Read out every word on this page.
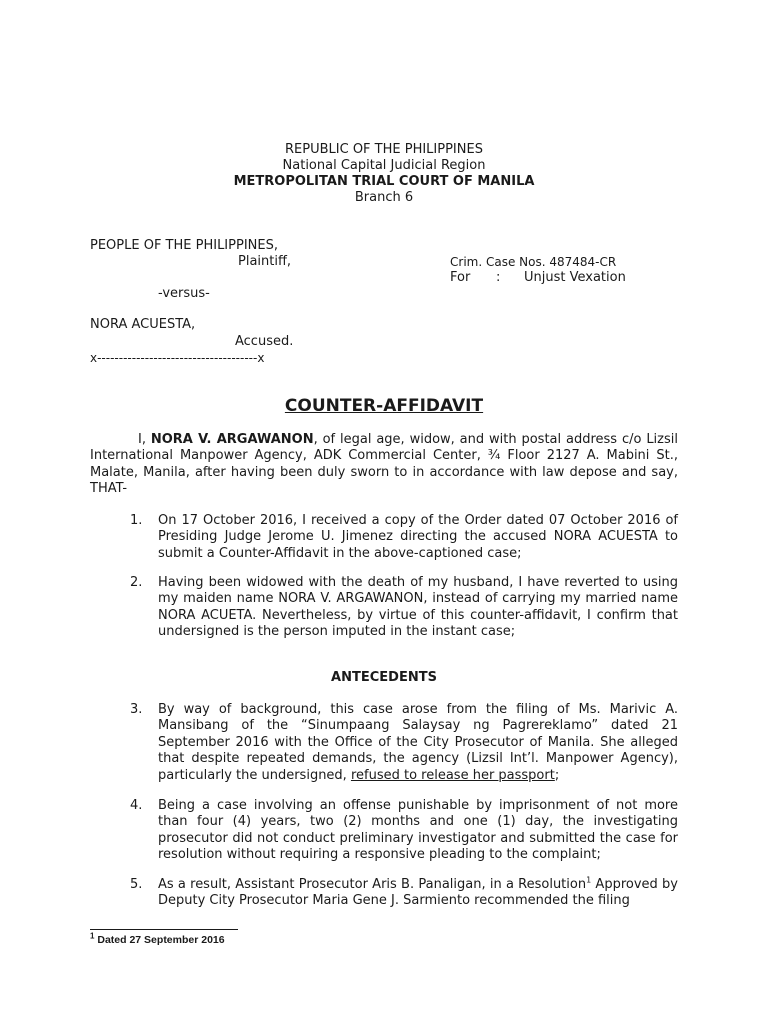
REPUBLIC OF THE PHILIPPINES
National Capital Judicial Region
METROPOLITAN TRIAL COURT OF MANILA
Branch 6
PEOPLE OF THE PHILIPPINES,
Plaintiff,	Crim. Case Nos. 487484-CR
For : Unjust Vexation
-versus-
NORA ACUESTA,
Accused.
x-------------------------------------x
COUNTER-AFFIDAVIT
I, NORA V. ARGAWANON, of legal age, widow, and with postal address c/o Lizsil International Manpower Agency, ADK Commercial Center, ¾ Floor 2127 A. Mabini St., Malate, Manila, after having been duly sworn to in accordance with law depose and say, THAT-
1.	On 17 October 2016, I received a copy of the Order dated 07 October 2016 of Presiding Judge Jerome U. Jimenez directing the accused NORA ACUESTA to submit a Counter-Affidavit in the above-captioned case;
2.	Having been widowed with the death of my husband, I have reverted to using my maiden name NORA V. ARGAWANON, instead of carrying my married name NORA ACUETA. Nevertheless, by virtue of this counter-affidavit, I confirm that undersigned is the person imputed in the instant case;
ANTECEDENTS
3.	By way of background, this case arose from the filing of Ms. Marivic A. Mansibang of the “Sinumpaang Salaysay ng Pagrereklamo” dated 21 September 2016 with the Office of the City Prosecutor of Manila. She alleged that despite repeated demands, the agency (Lizsil Int’l. Manpower Agency), particularly the undersigned, refused to release her passport;
4.	Being a case involving an offense punishable by imprisonment of not more than four (4) years, two (2) months and one (1) day, the investigating prosecutor did not conduct preliminary investigator and submitted the case for resolution without requiring a responsive pleading to the complaint;
5.	As a result, Assistant Prosecutor Aris B. Panaligan, in a Resolution$^1$ Approved by Deputy City Prosecutor Maria Gene J. Sarmiento recommended the filing
$^1$ Dated 27 September 2016
